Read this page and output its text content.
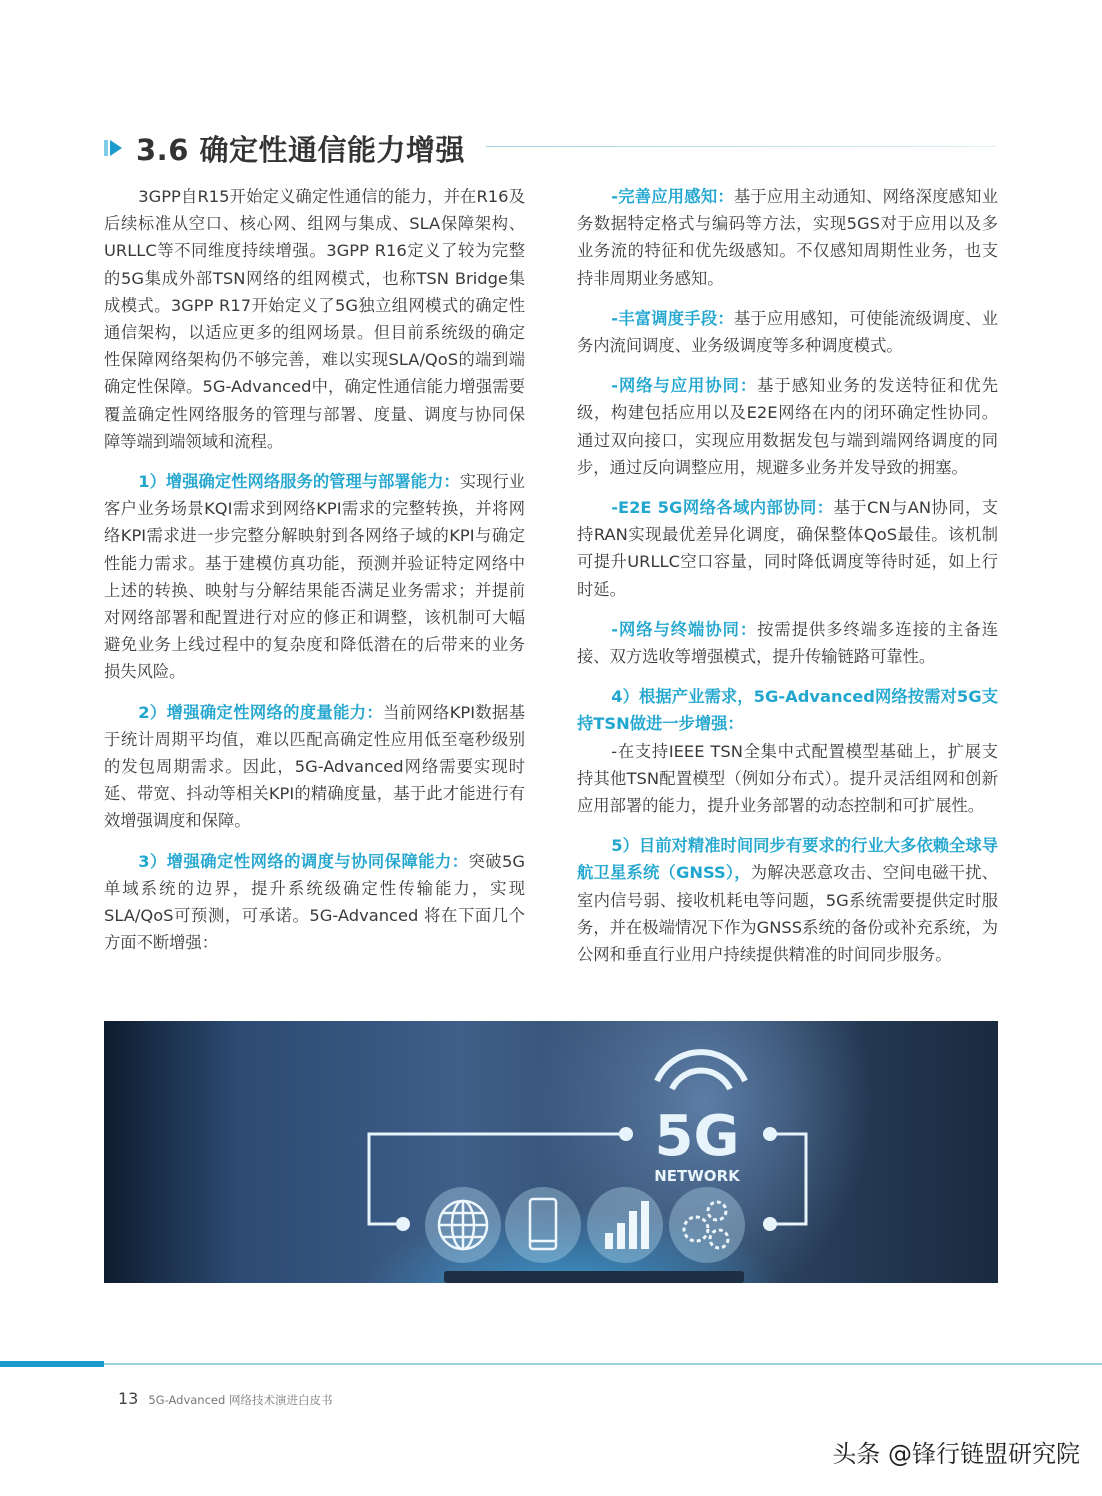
3.6 确定性通信能力增强

3GPP自R15开始定义确定性通信的能力，并在R16及后续标准从空口、核心网、组网与集成、SLA保障架构、URLLC等不同维度持续增强。3GPP R16定义了较为完整的5G集成外部TSN网络的组网模式，也称TSN Bridge集成模式。3GPP R17开始定义了5G独立组网模式的确定性通信架构，以适应更多的组网场景。但目前系统级的确定性保障网络架构仍不够完善，难以实现SLA/QoS的端到端确定性保障。5G-Advanced中，确定性通信能力增强需要覆盖确定性网络服务的管理与部署、度量、调度与协同保障等端到端领域和流程。

1）增强确定性网络服务的管理与部署能力：实现行业客户业务场景KQI需求到网络KPI需求的完整转换，并将网络KPI需求进一步完整分解映射到各网络子域的KPI与确定性能力需求。基于建模仿真功能，预测并验证特定网络中上述的转换、映射与分解结果能否满足业务需求；并提前对网络部署和配置进行对应的修正和调整，该机制可大幅避免业务上线过程中的复杂度和降低潜在的后带来的业务损失风险。

2）增强确定性网络的度量能力：当前网络KPI数据基于统计周期平均值，难以匹配高确定性应用低至毫秒级别的发包周期需求。因此，5G-Advanced网络需要实现时延、带宽、抖动等相关KPI的精确度量，基于此才能进行有效增强调度和保障。

3）增强确定性网络的调度与协同保障能力：突破5G单域系统的边界，提升系统级确定性传输能力，实现SLA/QoS可预测，可承诺。5G-Advanced 将在下面几个方面不断增强：

-完善应用感知：基于应用主动通知、网络深度感知业务数据特定格式与编码等方法，实现5GS对于应用以及多业务流的特征和优先级感知。不仅感知周期性业务，也支持非周期业务感知。

-丰富调度手段：基于应用感知，可使能流级调度、业务内流间调度、业务级调度等多种调度模式。

-网络与应用协同：基于感知业务的发送特征和优先级，构建包括应用以及E2E网络在内的闭环确定性协同。通过双向接口，实现应用数据发包与端到端网络调度的同步，通过反向调整应用，规避多业务并发导致的拥塞。

-E2E 5G网络各域内部协同：基于CN与AN协同，支持RAN实现最优差异化调度，确保整体QoS最佳。该机制可提升URLLC空口容量，同时降低调度等待时延，如上行时延。

-网络与终端协同：按需提供多终端多连接的主备连接、双方选收等增强模式，提升传输链路可靠性。

4）根据产业需求，5G-Advanced网络按需对5G支持TSN做进一步增强：

-在支持IEEE TSN全集中式配置模型基础上，扩展支持其他TSN配置模型（例如分布式）。提升灵活组网和创新应用部署的能力，提升业务部署的动态控制和可扩展性。

5）目前对精准时间同步有要求的行业大多依赖全球导航卫星系统（GNSS），为解决恶意攻击、空间电磁干扰、室内信号弱、接收机耗电等问题，5G系统需要提供定时服务，并在极端情况下作为GNSS系统的备份或补充系统，为公网和垂直行业用户持续提供精准的时间同步服务。

5G
NETWORK
13 5G-Advanced 网络技术演进白皮书
头条 @锋行链盟研究院
